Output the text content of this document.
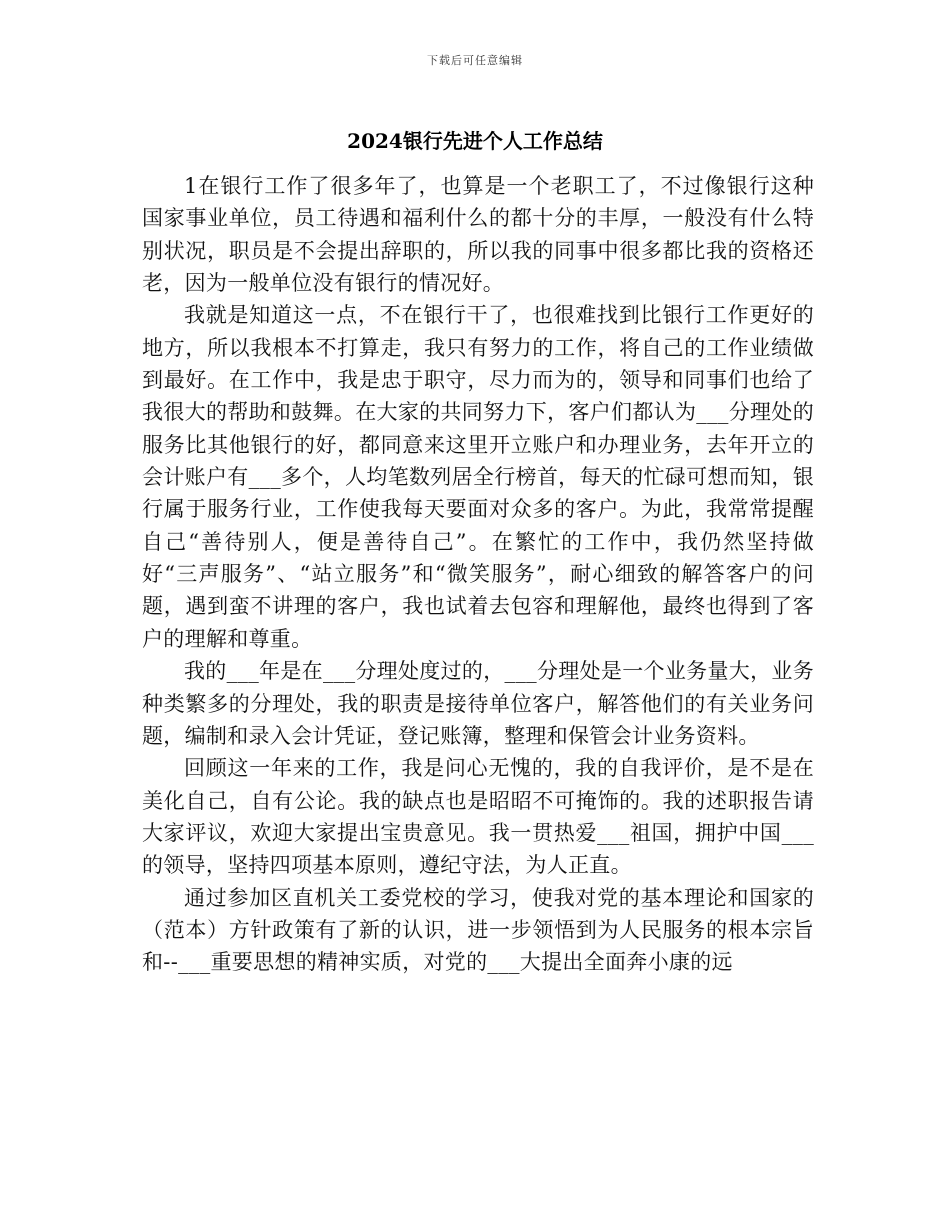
下载后可任意编辑
2024银行先进个人工作总结

1在银行工作了很多年了，也算是一个老职工了，不过像银行这种国家事业单位，员工待遇和福利什么的都十分的丰厚，一般没有什么特别状况，职员是不会提出辞职的，所以我的同事中很多都比我的资格还老，因为一般单位没有银行的情况好。

我就是知道这一点，不在银行干了，也很难找到比银行工作更好的地方，所以我根本不打算走，我只有努力的工作，将自己的工作业绩做到最好。在工作中，我是忠于职守，尽力而为的，领导和同事们也给了我很大的帮助和鼓舞。在大家的共同努力下，客户们都认为___分理处的服务比其他银行的好，都同意来这里开立账户和办理业务，去年开立的会计账户有___多个，人均笔数列居全行榜首，每天的忙碌可想而知，银行属于服务行业，工作使我每天要面对众多的客户。为此，我常常提醒自己“善待别人，便是善待自己”。在繁忙的工作中，我仍然坚持做好“三声服务”、“站立服务”和“微笑服务”，耐心细致的解答客户的问题，遇到蛮不讲理的客户，我也试着去包容和理解他，最终也得到了客户的理解和尊重。

我的___年是在___分理处度过的，___分理处是一个业务量大，业务种类繁多的分理处，我的职责是接待单位客户，解答他们的有关业务问题，编制和录入会计凭证，登记账簿，整理和保管会计业务资料。

回顾这一年来的工作，我是问心无愧的，我的自我评价，是不是在美化自己，自有公论。我的缺点也是昭昭不可掩饰的。我的述职报告请大家评议，欢迎大家提出宝贵意见。我一贯热爱___祖国，拥护中国___的领导，坚持四项基本原则，遵纪守法，为人正直。

通过参加区直机关工委党校的学习，使我对党的基本理论和国家的（范本）方针政策有了新的认识，进一步领悟到为人民服务的根本宗旨和--___重要思想的精神实质，对党的___大提出全面奔小康的远
